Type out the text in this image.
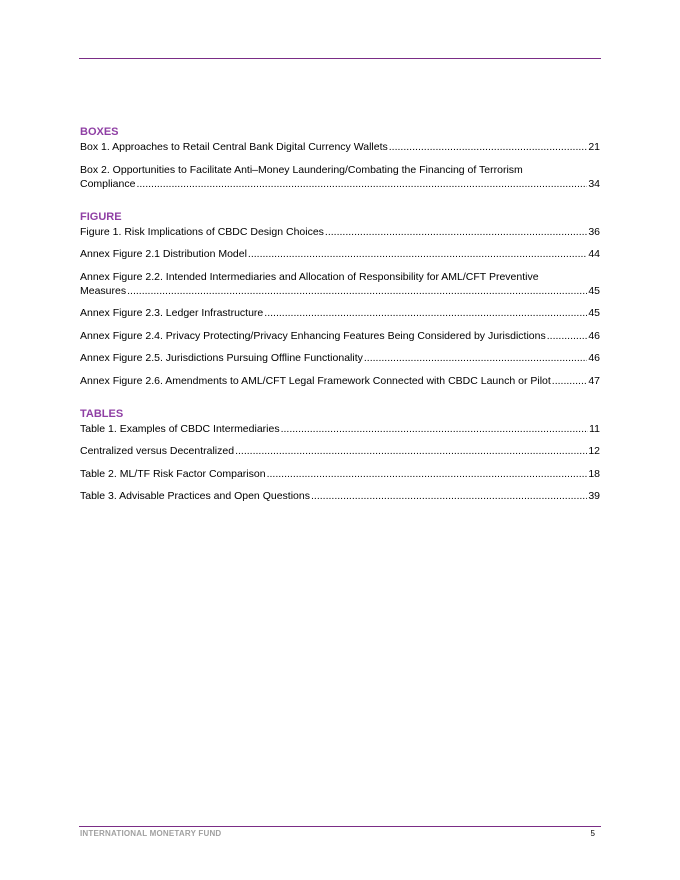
BOXES
Box 1. Approaches to Retail Central Bank Digital Currency Wallets .....	21
Box 2. Opportunities to Facilitate Anti–Money Laundering/Combating the Financing of Terrorism
Compliance .....	34
FIGURE
Figure 1. Risk Implications of CBDC Design Choices .....	36
Annex Figure 2.1 Distribution Model .....	44
Annex Figure 2.2. Intended Intermediaries and Allocation of Responsibility for AML/CFT Preventive
Measures .....	45
Annex Figure 2.3. Ledger Infrastructure .....	45
Annex Figure 2.4. Privacy Protecting/Privacy Enhancing Features Being Considered by Jurisdictions .....	46
Annex Figure 2.5. Jurisdictions Pursuing Offline Functionality .....	46
Annex Figure 2.6. Amendments to AML/CFT Legal Framework Connected with CBDC Launch or Pilot .....	47
TABLES
Table 1. Examples of CBDC Intermediaries .....	11
Centralized versus Decentralized .....	12
Table 2. ML/TF Risk Factor Comparison .....	18
Table 3. Advisable Practices and Open Questions .....	39
INTERNATIONAL MONETARY FUND	5
